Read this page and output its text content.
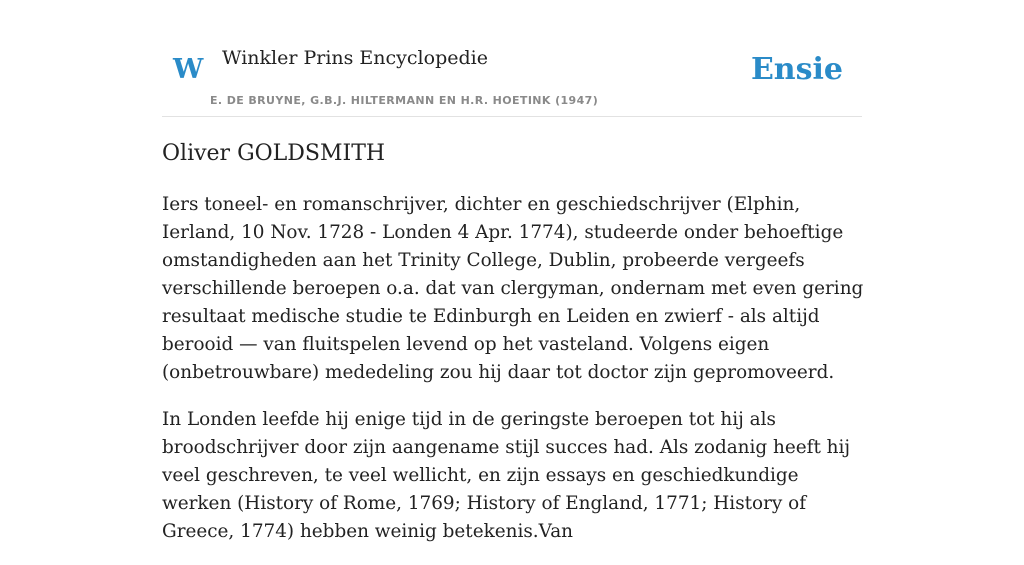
W Winkler Prins Encyclopedie
E. DE BRUYNE, G.B.J. HILTERMANN EN H.R. HOETINK (1947)
Ensie
Oliver GOLDSMITH

Iers toneel- en romanschrijver, dichter en geschiedschrijver (Elphin, Ierland, 10 Nov. 1728 - Londen 4 Apr. 1774), studeerde onder behoeftige omstandigheden aan het Trinity College, Dublin, probeerde vergeefs verschillende beroepen o.a. dat van clergyman, ondernam met even gering resultaat medische studie te Edinburgh en Leiden en zwierf - als altijd berooid — van fluitspelen levend op het vasteland. Volgens eigen (onbetrouwbare) mededeling zou hij daar tot doctor zijn gepromoveerd.

In Londen leefde hij enige tijd in de geringste beroepen tot hij als broodschrijver door zijn aangename stijl succes had. Als zodanig heeft hij veel geschreven, te veel wellicht, en zijn essays en geschiedkundige werken (History of Rome, 1769; History of England, 1771; History of Greece, 1774) hebben weinig betekenis.Van
